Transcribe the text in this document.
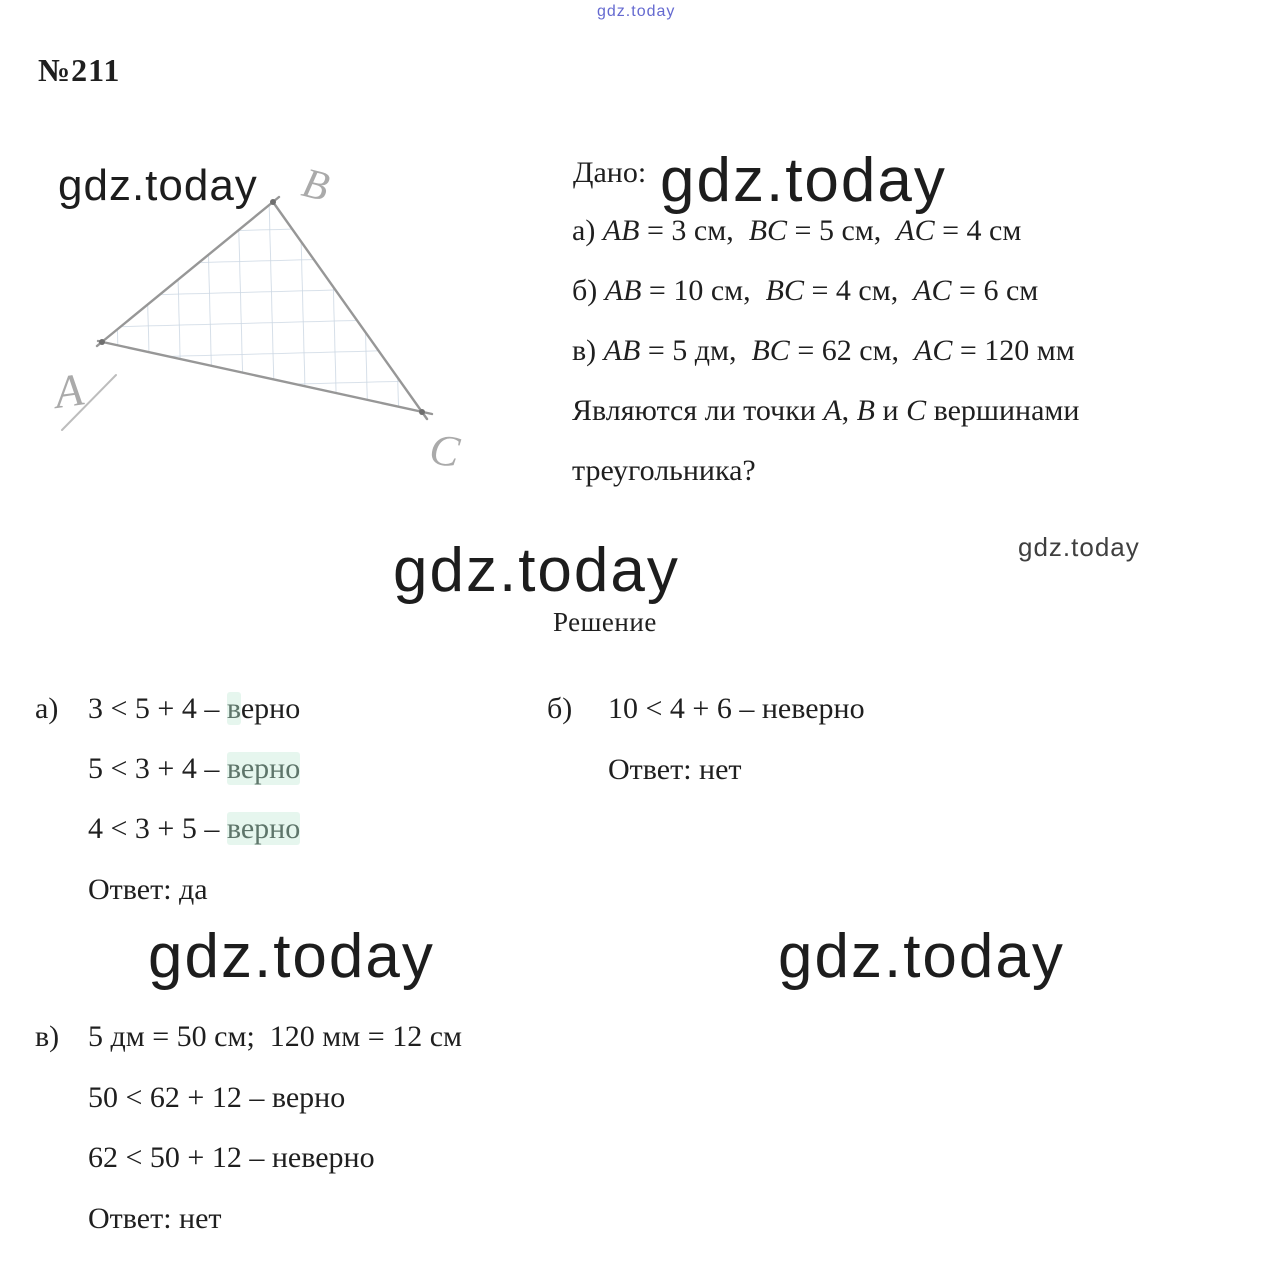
gdz.today
№211
B
A
C
gdz.today	Дано: gdz.today
а) AB = 3 см,  BC = 5 см,  AC = 4 см
б) AB = 10 см,  BC = 4 см,  AC = 6 см
в) AB = 5 дм,  BC = 62 см,  AC = 120 мм
Являются ли точки A, B и C вершинами
треугольника?
gdz.today
gdz.today
Решение
а) 3 < 5 + 4 – верно
5 < 3 + 4 – верно
4 < 3 + 5 – верно
Ответ: да
б) 10 < 4 + 6 – неверно
Ответ: нет
gdz.today	gdz.today
в) 5 дм = 50 см;  120 мм = 12 см
50 < 62 + 12 – верно
62 < 50 + 12 – неверно
Ответ: нет
